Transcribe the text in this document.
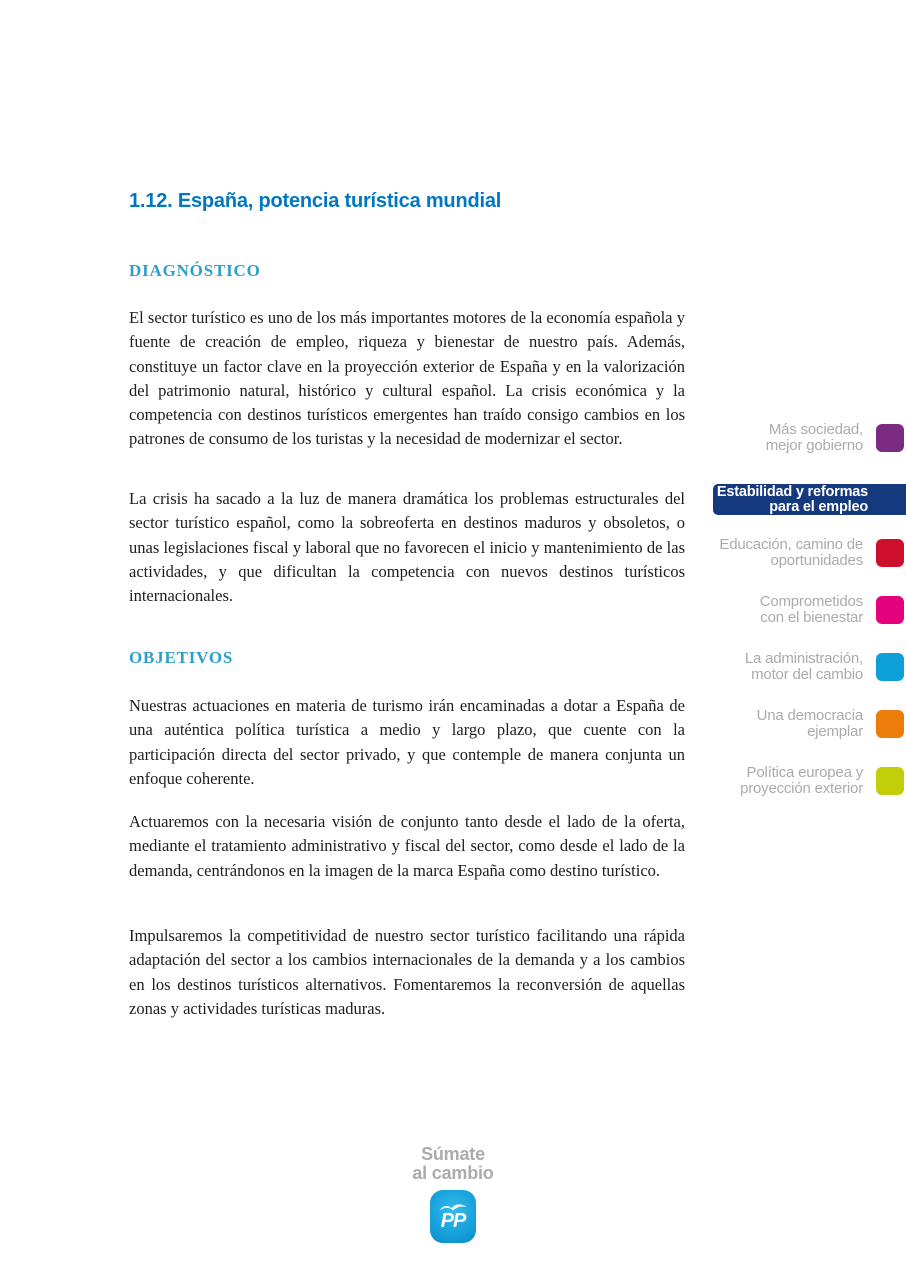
1.12. España, potencia turística mundial
DIAGNÓSTICO

El sector turístico es uno de los más importantes motores de la economía española y fuente de creación de empleo, riqueza y bienestar de nuestro país. Además, constituye un factor clave en la proyección exterior de España y en la valorización del patrimonio natural, histórico y cultural español. La crisis económica y la competencia con destinos turísticos emergentes han traído consigo cambios en los patrones de consumo de los turistas y la necesidad de modernizar el sector.

La crisis ha sacado a la luz de manera dramática los problemas estructurales del sector turístico español, como la sobreoferta en destinos maduros y obsoletos, o unas legislaciones fiscal y laboral que no favorecen el inicio y mantenimiento de las actividades, y que dificultan la competencia con nuevos destinos turísticos internacionales.

OBJETIVOS

Nuestras actuaciones en materia de turismo irán encaminadas a dotar a España de una auténtica política turística a medio y largo plazo, que cuente con la participación directa del sector privado, y que contemple de manera conjunta un enfoque coherente.

Actuaremos con la necesaria visión de conjunto tanto desde el lado de la oferta, mediante el tratamiento administrativo y fiscal del sector, como desde el lado de la demanda, centrándonos en la imagen de la marca España como destino turístico.

Impulsaremos la competitividad de nuestro sector turístico facilitando una rápida adaptación del sector a los cambios internacionales de la demanda y a los cambios en los destinos turísticos alternativos. Fomentaremos la reconversión de aquellas zonas y actividades turísticas maduras.

Más sociedad,
mejor gobierno
Estabilidad y reformas
para el empleo
Educación, camino de
oportunidades
Comprometidos
con el bienestar
La administración,
motor del cambio
Una democracia
ejemplar
Política europea y
proyección exterior
Súmate
al cambio
PP
